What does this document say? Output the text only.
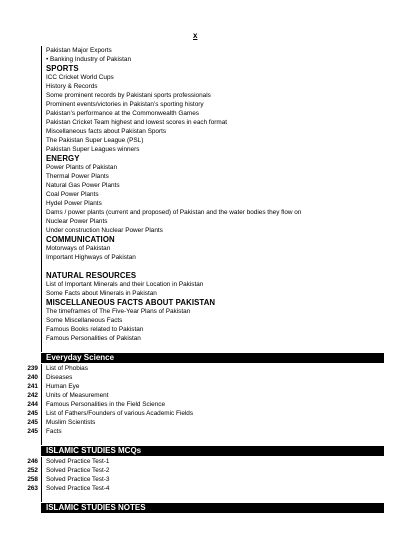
x
Pakistan Major Exports
• Banking Industry of Pakistan
SPORTS
ICC Cricket World Cups
History & Records
Some prominent records by Pakistani sports professionals
Prominent events/victories in Pakistan’s sporting history
Pakistan’s performance at the Commonwealth Games
Pakistan Cricket Team highest and lowest scores in each format
Miscellaneous facts about Pakistan Sports
The Pakistan Super League (PSL)
Pakistan Super Leagues winners
ENERGY
Power Plants of Pakistan
Thermal Power Plants
Natural Gas Power Plants
Coal Power Plants
Hydel Power Plants
Dams / power plants (current and proposed) of Pakistan and the water bodies they flow on
Nuclear Power Plants
Under construction Nuclear Power Plants
COMMUNICATION
Motorways of Pakistan
Important Highways of Pakistan
NATURAL RESOURCES
List of Important Minerals and their Location in Pakistan
Some Facts about Minerals in Pakistan
MISCELLANEOUS FACTS ABOUT PAKISTAN
The timeframes of The Five-Year Plans of Pakistan
Some Miscellaneous Facts
Famous Books related to Pakistan
Famous Personalities of Pakistan
Everyday Science
239	List of Phobias
240	Diseases
241	Human Eye
242	Units of Measurement
244	Famous Personalities in the Field Science
245	List of Fathers/Founders of various Academic Fields
245	Muslim Scientists
245	Facts
ISLAMIC STUDIES MCQs
246	Solved Practice Test-1
252	Solved Practice Test-2
258	Solved Practice Test-3
263	Solved Practice Test-4
ISLAMIC STUDIES NOTES
